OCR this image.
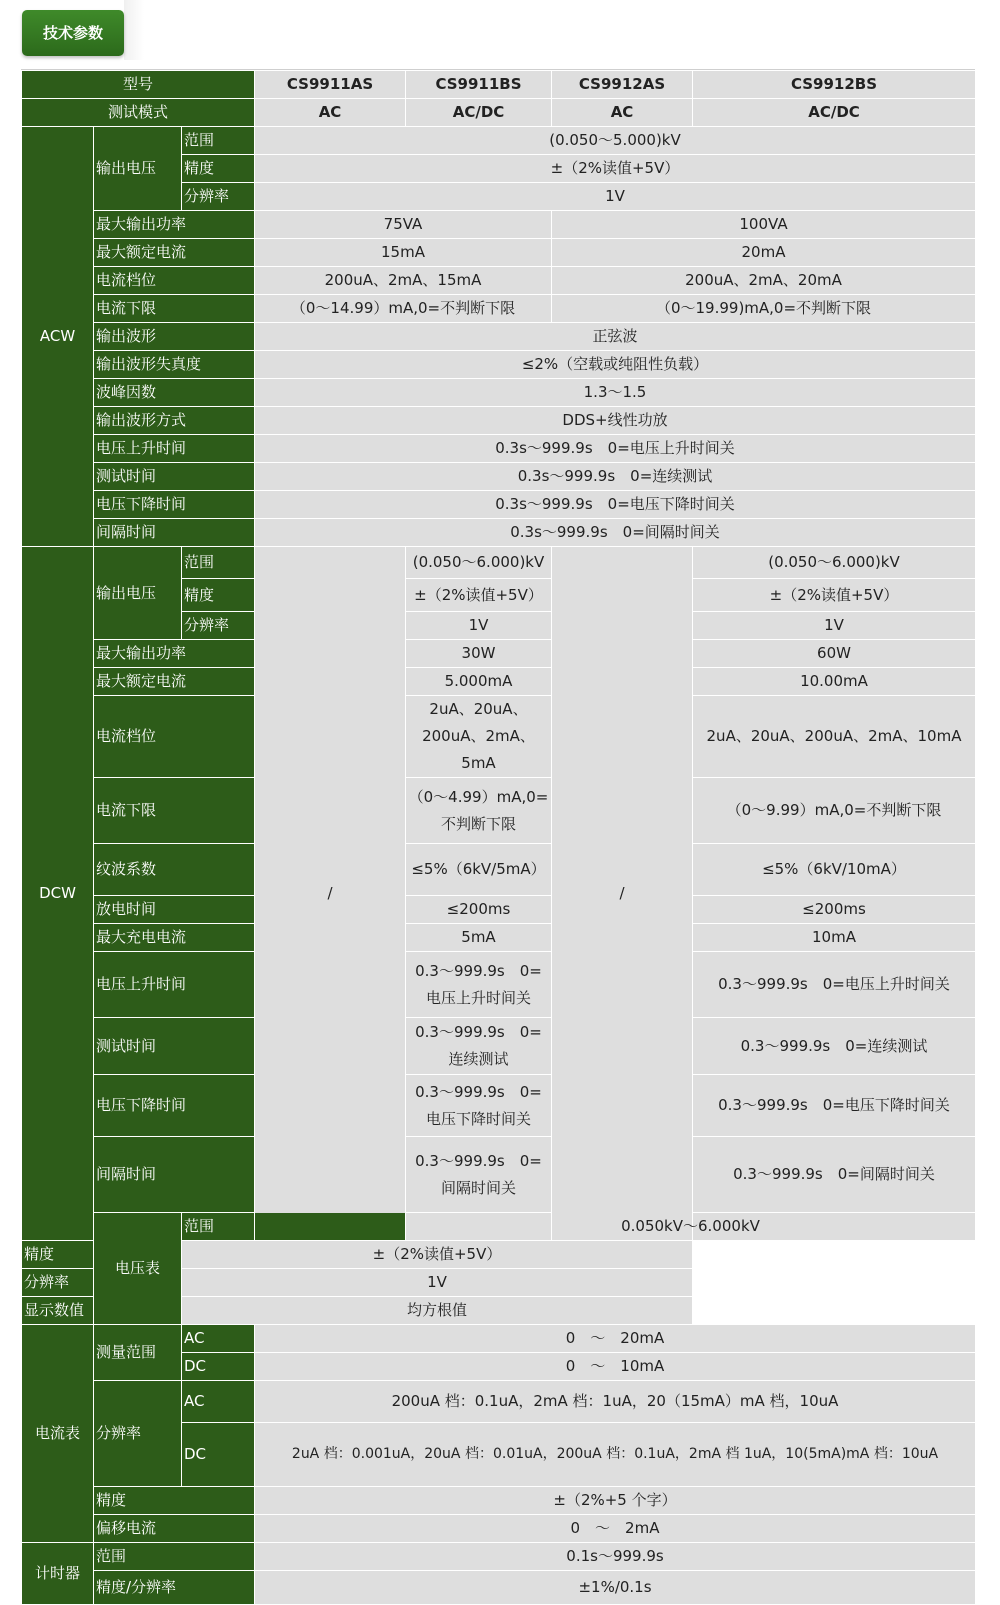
技术参数
型号			CS9911AS	CS9911BS	CS9912AS	CS9912BS
测试模式			AC	AC/DC	AC	AC/DC
ACW	输出电压	范围	(0.050～5.000)kV			
		精度	±（2%读值+5V）			
		分辨率	1V			
	最大输出功率		75VA		100VA	
	最大额定电流		15mA		20mA	
	电流档位		200uA、2mA、15mA		200uA、2mA、20mA	
	电流下限		（0～14.99）mA,0=不判断下限		（0～19.99)mA,0=不判断下限	
	输出波形		正弦波			
	输出波形失真度		≤2%（空载或纯阻性负载）			
	波峰因数		1.3～1.5			
	输出波形方式		DDS+线性功放			
	电压上升时间		0.3s～999.9s　0=电压上升时间关			
	测试时间		0.3s～999.9s　0=连续测试			
	电压下降时间		0.3s～999.9s　0=电压下降时间关			
	间隔时间		0.3s～999.9s　0=间隔时间关			
DCW	输出电压	范围	/	(0.050～6.000)kV	/	(0.050～6.000)kV
		精度		±（2%读值+5V）		±（2%读值+5V）
		分辨率		1V		1V
	最大输出功率			30W		60W
	最大额定电流			5.000mA		10.00mA
	电流档位			2uA、20uA、200uA、2mA、5mA		2uA、20uA、200uA、2mA、10mA
	电流下限			（0～4.99）mA,0=不判断下限		（0～9.99）mA,0=不判断下限
	纹波系数			≤5%（6kV/5mA）		≤5%（6kV/10mA）
	放电时间			≤200ms		≤200ms
	最大充电电流			5mA		10mA
	电压上升时间			0.3～999.9s　0=电压上升时间关		0.3～999.9s　0=电压上升时间关
	测试时间			0.3～999.9s　0=连续测试		0.3～999.9s　0=连续测试
	电压下降时间			0.3～999.9s　0=电压下降时间关		0.3～999.9s　0=电压下降时间关
	间隔时间			0.3～999.9s　0=间隔时间关		0.3～999.9s　0=间隔时间关
	电压表	范围		0.050kV～6.000kV		
精度		±（2%读值+5V）				
分辨率		1V				
显示数值		均方根值				
电流表	测量范围	AC	0　～　20mA			
		DC	0　～　10mA			
	分辨率	AC	200uA 档：0.1uA，2mA 档：1uA，20（15mA）mA 档，10uA			
		DC	2uA 档：0.001uA，20uA 档：0.01uA，200uA 档：0.1uA，2mA 档 1uA，10(5mA)mA 档：10uA			
	精度		±（2%+5 个字）			
	偏移电流		0　～　2mA			
计时器	范围		0.1s～999.9s			
	精度/分辨率		±1%/0.1s			
